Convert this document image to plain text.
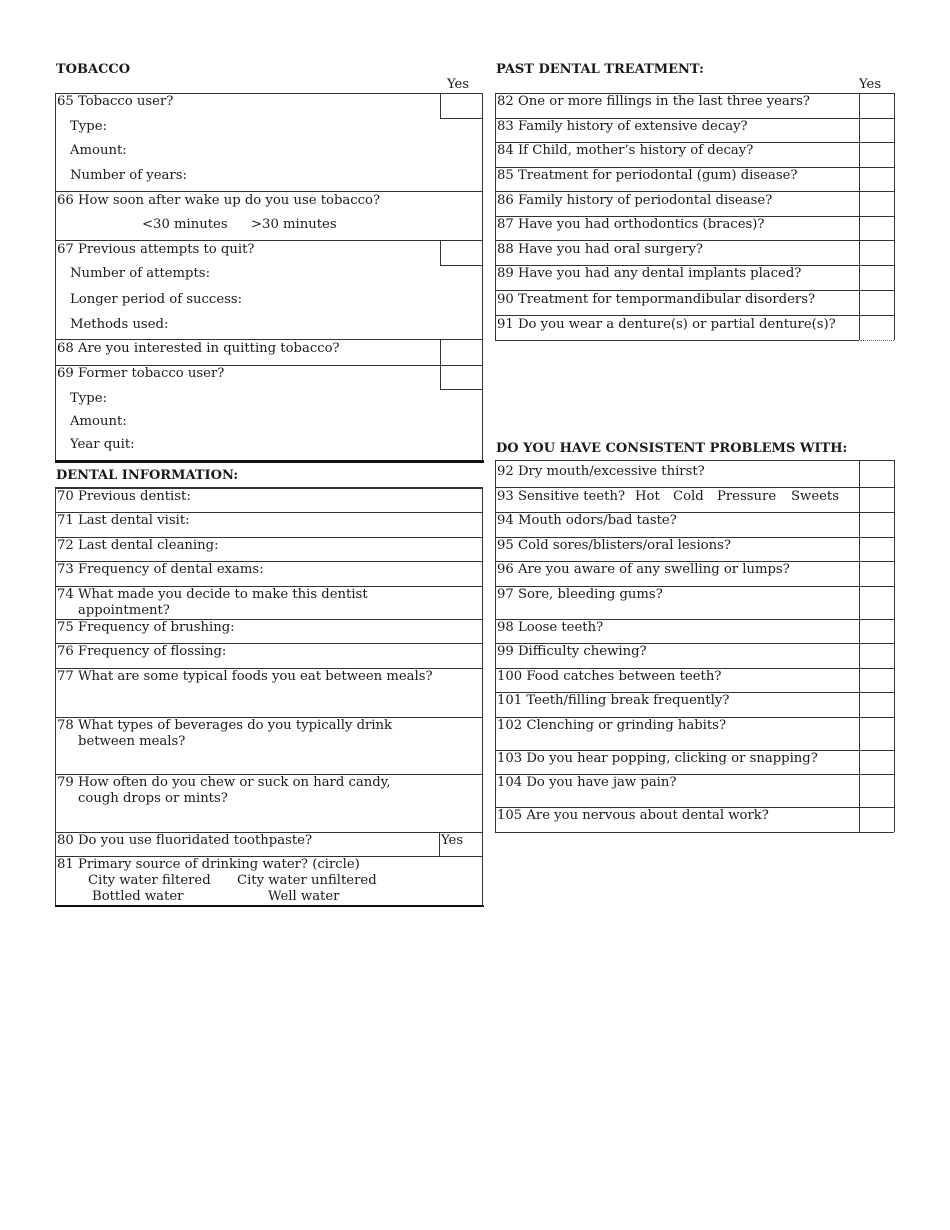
TOBACCO
Yes
65 Tobacco user?
Type:
Amount:
Number of years:
66 How soon after wake up do you use tobacco?
<30 minutes >30 minutes
67 Previous attempts to quit?
Number of attempts:
Longer period of success:
Methods used:
68 Are you interested in quitting tobacco?
69 Former tobacco user?
Type:
Amount:
Year quit:
DENTAL INFORMATION:
70 Previous dentist:
71 Last dental visit:
72 Last dental cleaning:
73 Frequency of dental exams:
74 What made you decide to make this dentist
appointment?
75 Frequency of brushing:
76 Frequency of flossing:
77 What are some typical foods you eat between meals?
78 What types of beverages do you typically drink
between meals?
79 How often do you chew or suck on hard candy,
cough drops or mints?
80 Do you use fluoridated toothpaste?	Yes
81 Primary source of drinking water? (circle)
City water filtered City water unfiltered
Bottled water	Well water
PAST DENTAL TREATMENT:
Yes
82 One or more fillings in the last three years?
83 Family history of extensive decay?
84 If Child, mother’s history of decay?
85 Treatment for periodontal (gum) disease?
86 Family history of periodontal disease?
87 Have you had orthodontics (braces)?
88 Have you had oral surgery?
89 Have you had any dental implants placed?
90 Treatment for tempormandibular disorders?
91 Do you wear a denture(s) or partial denture(s)?
DO YOU HAVE CONSISTENT PROBLEMS WITH:
92 Dry mouth/excessive thirst?
93 Sensitive teeth? Hot Cold Pressure Sweets
94 Mouth odors/bad taste?
95 Cold sores/blisters/oral lesions?
96 Are you aware of any swelling or lumps?
97 Sore, bleeding gums?
98 Loose teeth?
99 Difficulty chewing?
100 Food catches between teeth?
101 Teeth/filling break frequently?
102 Clenching or grinding habits?
103 Do you hear popping, clicking or snapping?
104 Do you have jaw pain?
105 Are you nervous about dental work?
